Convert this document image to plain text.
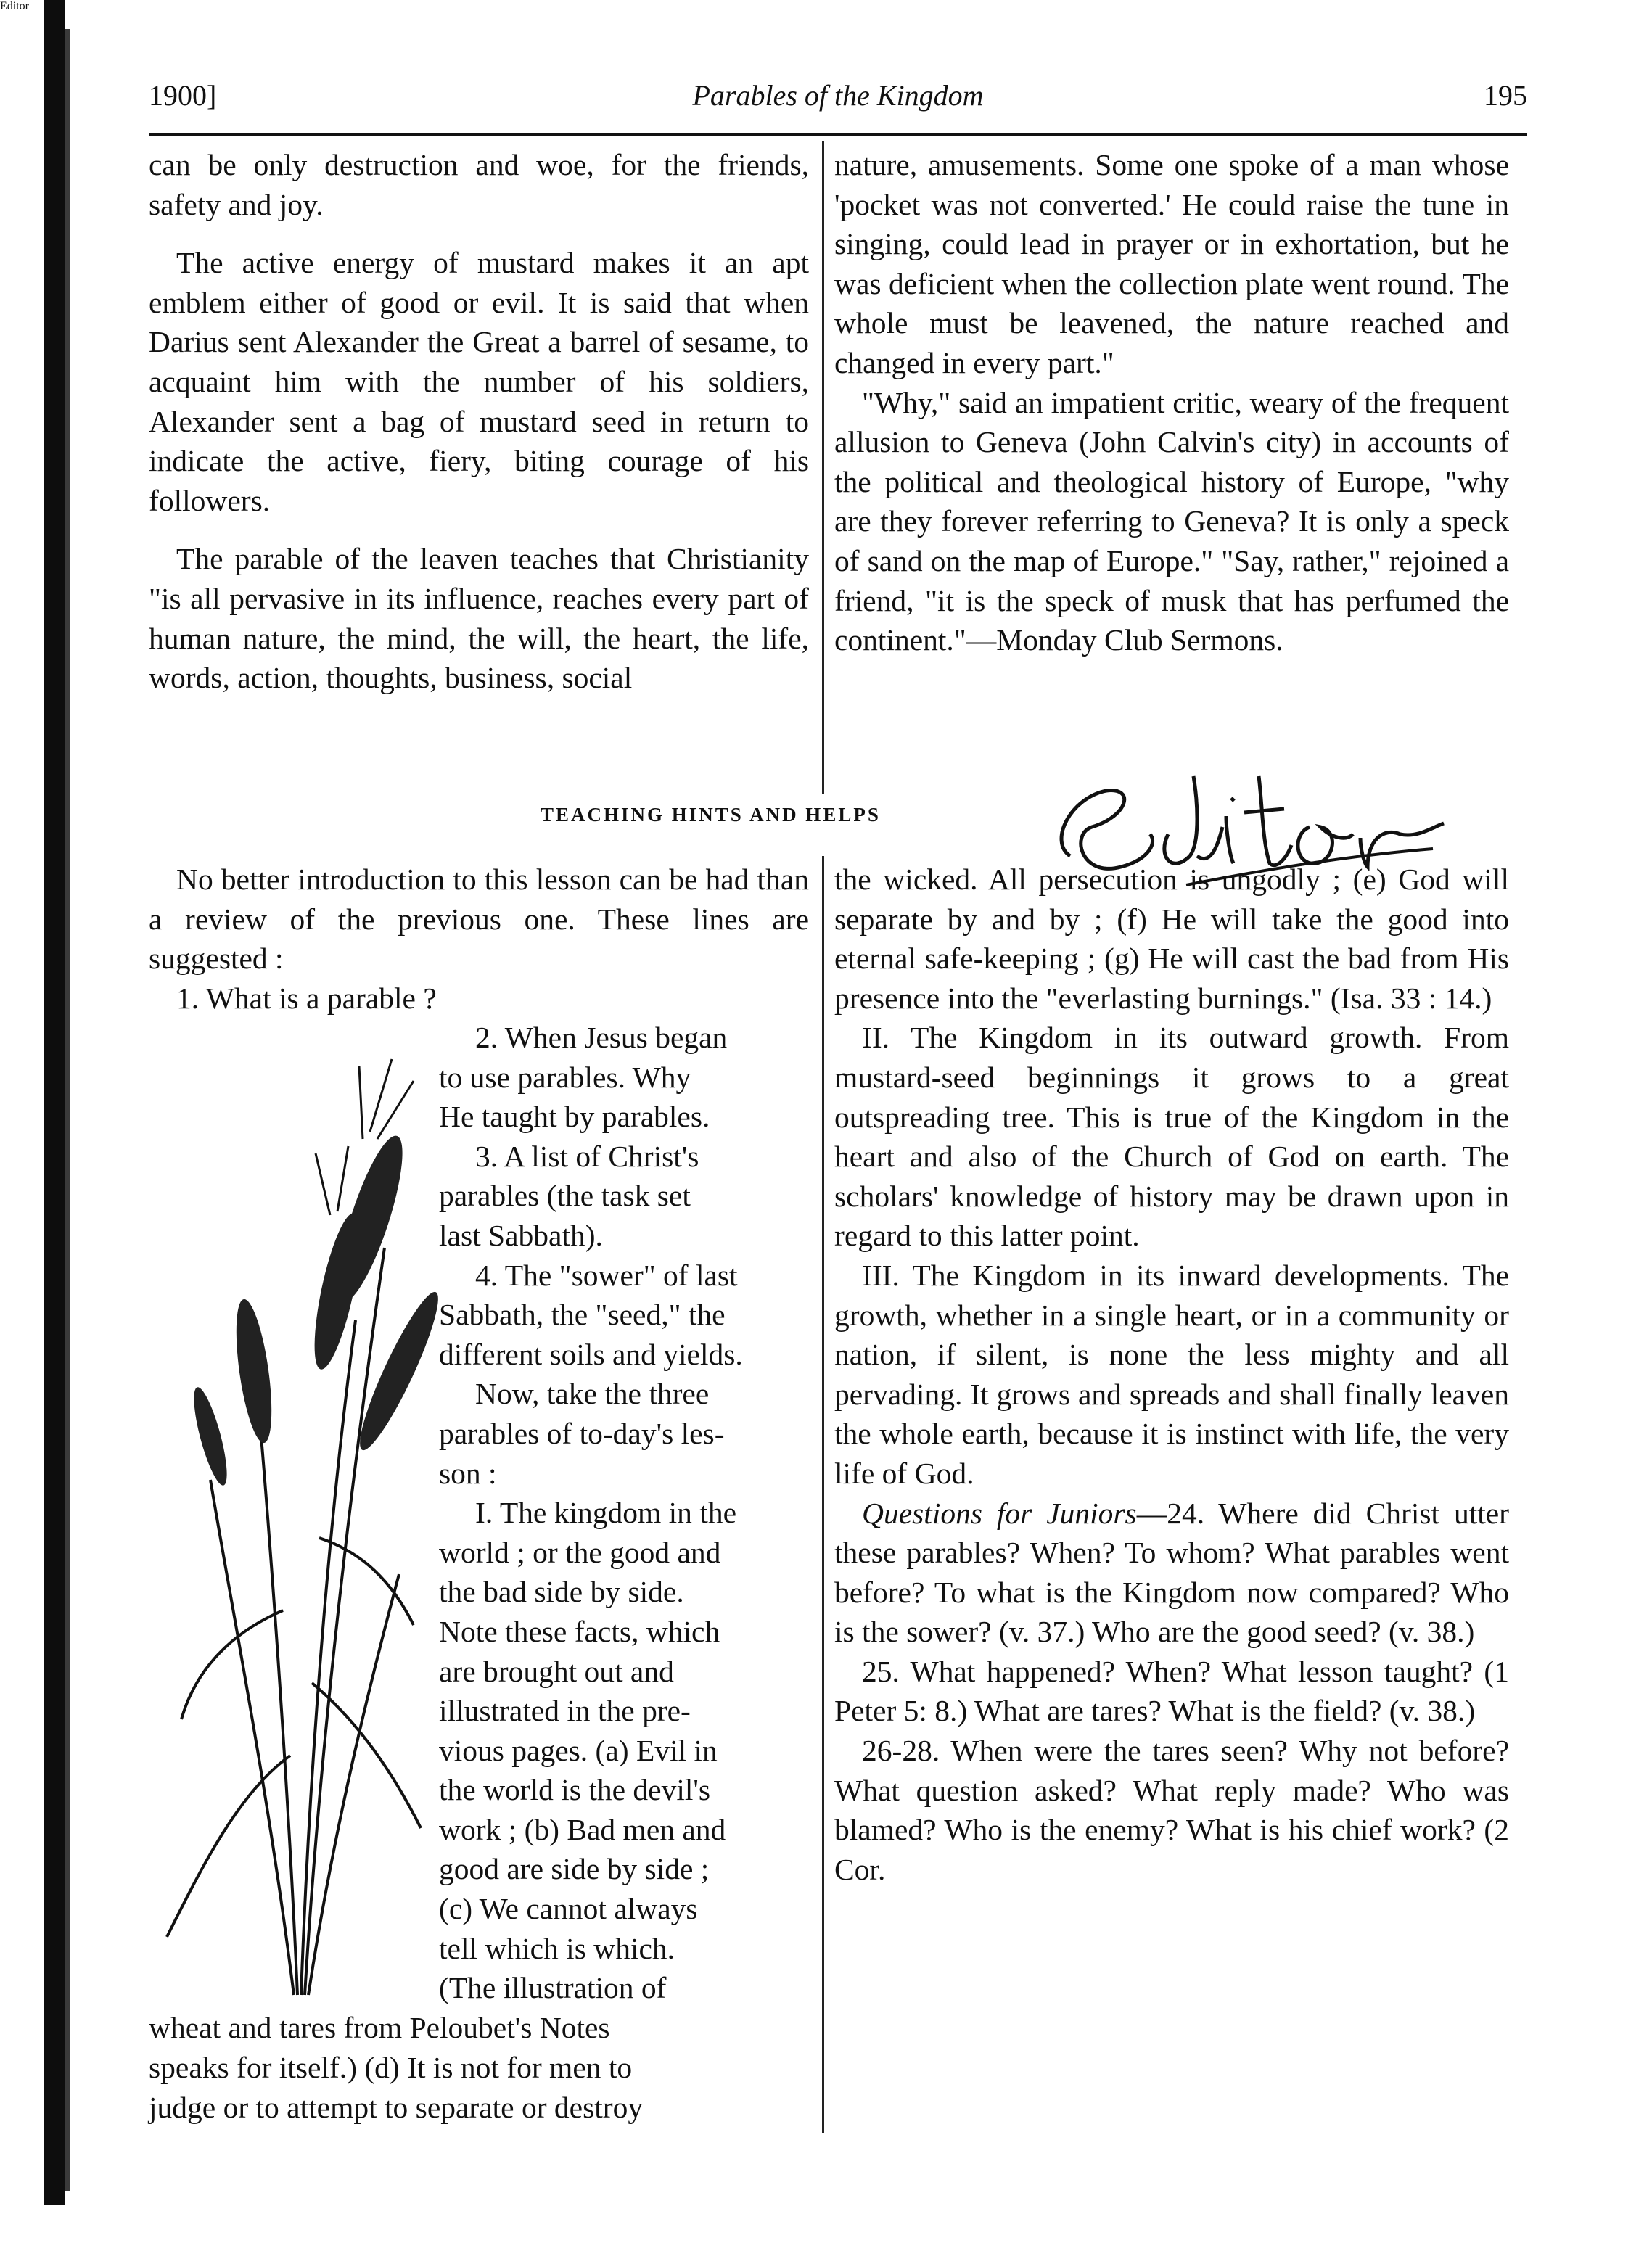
1900]	Parables of the Kingdom	195

can be only destruction and woe, for the friends, safety and joy.

The active energy of mustard makes it an apt emblem either of good or evil. It is said that when Darius sent Alexander the Great a barrel of sesame, to acquaint him with the number of his soldiers, Alexander sent a bag of mustard seed in return to indicate the active, fiery, biting courage of his followers.

The parable of the leaven teaches that Christianity "is all pervasive in its influence, reaches every part of human nature, the mind, the will, the heart, the life, words, action, thoughts, business, social

nature, amusements. Some one spoke of a man whose 'pocket was not converted.' He could raise the tune in singing, could lead in prayer or in exhortation, but he was deficient when the collection plate went round. The whole must be leavened, the nature reached and changed in every part."

"Why," said an impatient critic, weary of the frequent allusion to Geneva (John Calvin's city) in accounts of the political and theological history of Europe, "why are they forever referring to Geneva? It is only a speck of sand on the map of Europe." "Say, rather," rejoined a friend, "it is the speck of musk that has perfumed the continent."—Monday Club Sermons.

TEACHING HINTS AND HELPS
Editor

No better introduction to this lesson can be had than a review of the previous one. These lines are suggested :

1. What is a parable ?

2. When Jesus began
to use parables. Why
He taught by parables.
3. A list of Christ's
parables (the task set
last Sabbath).
4. The "sower" of last
Sabbath, the "seed," the
different soils and yields.
Now, take the three
parables of to-day's les-
son :
I. The kingdom in the
world ; or the good and
the bad side by side.
Note these facts, which
are brought out and
illustrated in the pre-
vious pages. (a) Evil in
the world is the devil's
work ; (b) Bad men and
good are side by side ;
(c) We cannot always
tell which is which.
(The illustration of
wheat and tares from Peloubet's Notes
speaks for itself.) (d) It is not for men to
judge or to attempt to separate or destroy

the wicked. All persecution is ungodly ; (e) God will separate by and by ; (f) He will take the good into eternal safe-keeping ; (g) He will cast the bad from His presence into the "everlasting burnings." (Isa. 33 : 14.)

II. The Kingdom in its outward growth. From mustard-seed beginnings it grows to a great outspreading tree. This is true of the Kingdom in the heart and also of the Church of God on earth. The scholars' knowledge of history may be drawn upon in regard to this latter point.

III. The Kingdom in its inward developments. The growth, whether in a single heart, or in a community or nation, if silent, is none the less mighty and all pervading. It grows and spreads and shall finally leaven the whole earth, because it is instinct with life, the very life of God.

Questions for Juniors—24. Where did Christ utter these parables? When? To whom? What parables went before? To what is the Kingdom now compared? Who is the sower? (v. 37.) Who are the good seed? (v. 38.)

25. What happened? When? What lesson taught? (1 Peter 5: 8.) What are tares? What is the field? (v. 38.)

26-28. When were the tares seen? Why not before? What question asked? What reply made? Who was blamed? Who is the enemy? What is his chief work? (2 Cor.
